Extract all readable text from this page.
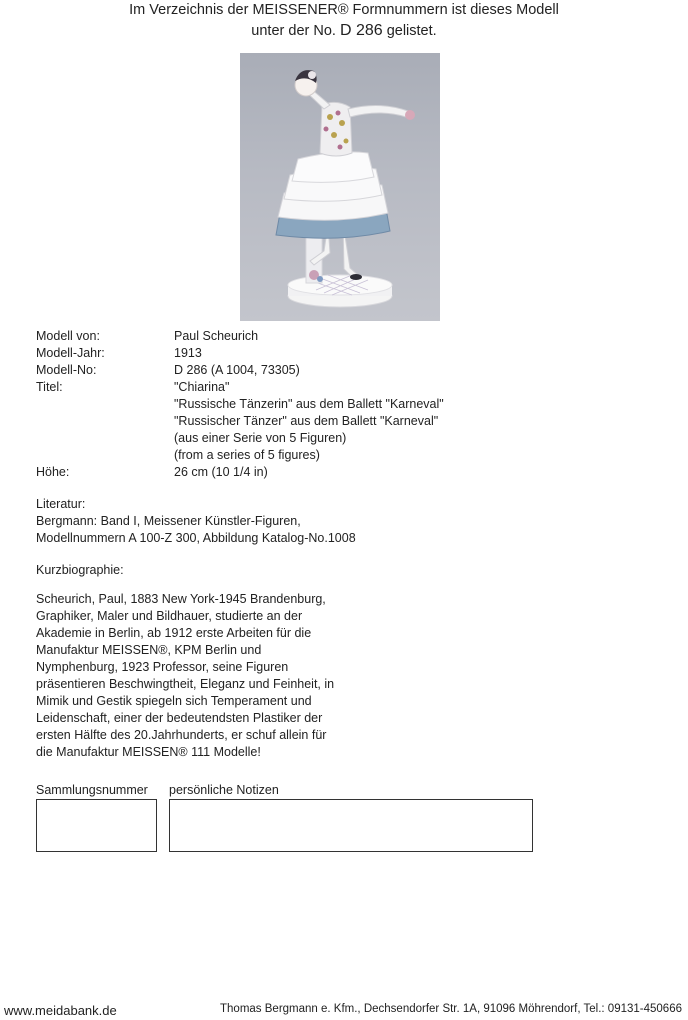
Im Verzeichnis der MEISSENER® Formnummern ist dieses Modell
unter der No. D 286 gelistet.
Modell von:	Paul Scheurich
Modell-Jahr:	1913
Modell-No:	D 286 (A 1004, 73305)
Titel:	"Chiarina"
"Russische Tänzerin" aus dem Ballett "Karneval"
"Russischer Tänzer" aus dem Ballett "Karneval"
(aus einer Serie von 5 Figuren)
(from a series of 5 figures)
Höhe:	26 cm (10 1/4 in)
Literatur:
Bergmann: Band I, Meissener Künstler-Figuren,
Modellnummern A 100-Z 300, Abbildung Katalog-No.1008
Kurzbiographie:
Scheurich, Paul, 1883 New York-1945 Brandenburg,
Graphiker, Maler und Bildhauer, studierte an der
Akademie in Berlin, ab 1912 erste Arbeiten für die
Manufaktur MEISSEN®, KPM Berlin und
Nymphenburg, 1923 Professor, seine Figuren
präsentieren Beschwingtheit, Eleganz und Feinheit, in
Mimik und Gestik spiegeln sich Temperament und
Leidenschaft, einer der bedeutendsten Plastiker der
ersten Hälfte des 20.Jahrhunderts, er schuf allein für
die Manufaktur MEISSEN® 111 Modelle!
Sammlungsnummer persönliche Notizen
www.meidabank.de	Thomas Bergmann e. Kfm., Dechsendorfer Str. 1A, 91096 Möhrendorf, Tel.: 09131-450666
